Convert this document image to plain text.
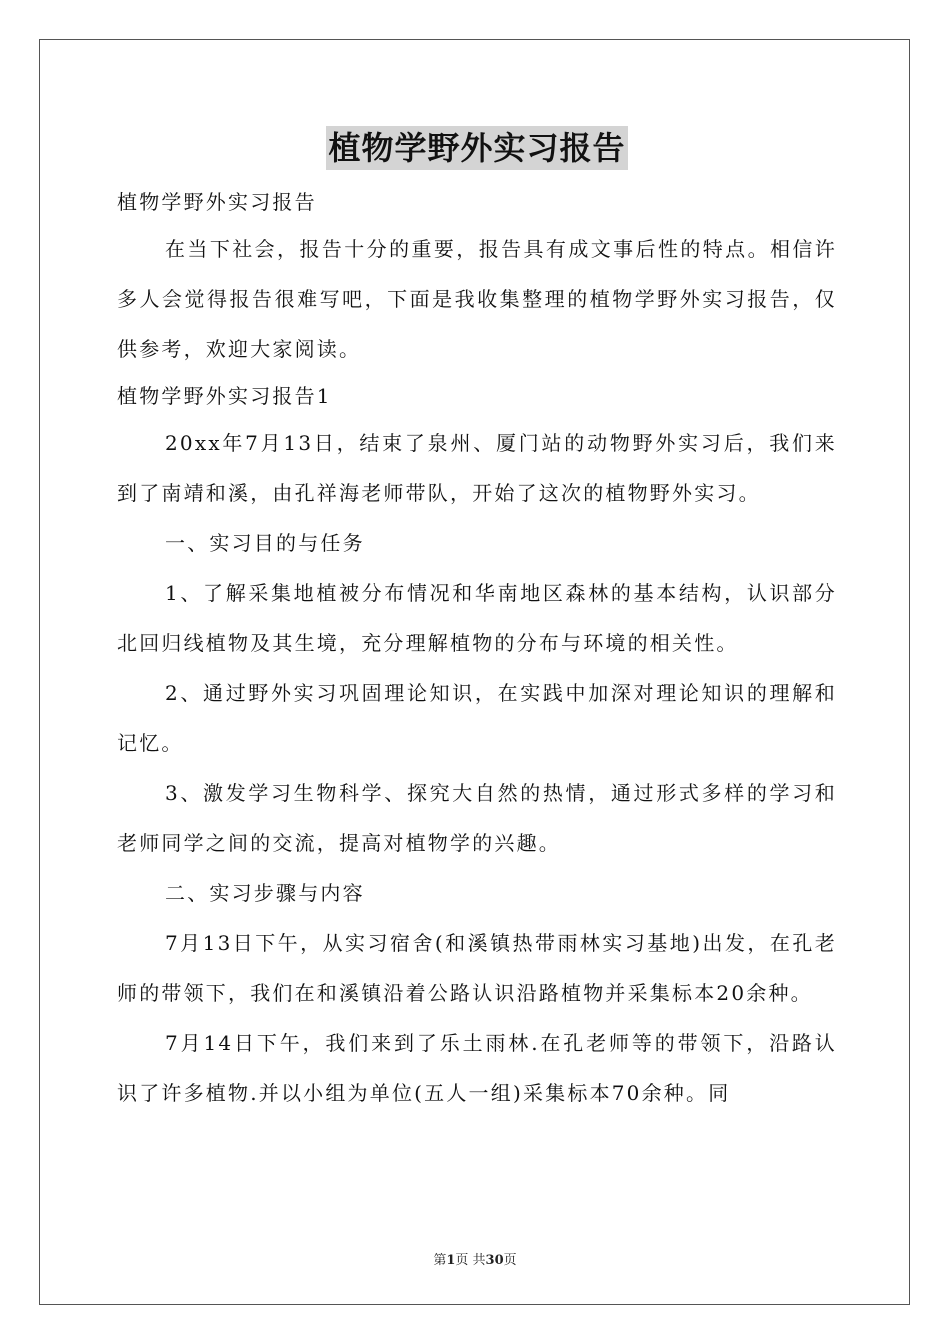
植物学野外实习报告

植物学野外实习报告

在当下社会，报告十分的重要，报告具有成文事后性的特点。相信许多人会觉得报告很难写吧，下面是我收集整理的植物学野外实习报告，仅供参考，欢迎大家阅读。

植物学野外实习报告1

20xx年7月13日，结束了泉州、厦门站的动物野外实习后，我们来到了南靖和溪，由孔祥海老师带队，开始了这次的植物野外实习。

一、实习目的与任务

1、了解采集地植被分布情况和华南地区森林的基本结构，认识部分北回归线植物及其生境，充分理解植物的分布与环境的相关性。

2、通过野外实习巩固理论知识，在实践中加深对理论知识的理解和记忆。

3、激发学习生物科学、探究大自然的热情，通过形式多样的学习和老师同学之间的交流，提高对植物学的兴趣。

二、实习步骤与内容

7月13日下午，从实习宿舍(和溪镇热带雨林实习基地)出发，在孔老师的带领下，我们在和溪镇沿着公路认识沿路植物并采集标本20余种。

7月14日下午，我们来到了乐土雨林.在孔老师等的带领下，沿路认识了许多植物.并以小组为单位(五人一组)采集标本70余种。同

第1页 共30页
